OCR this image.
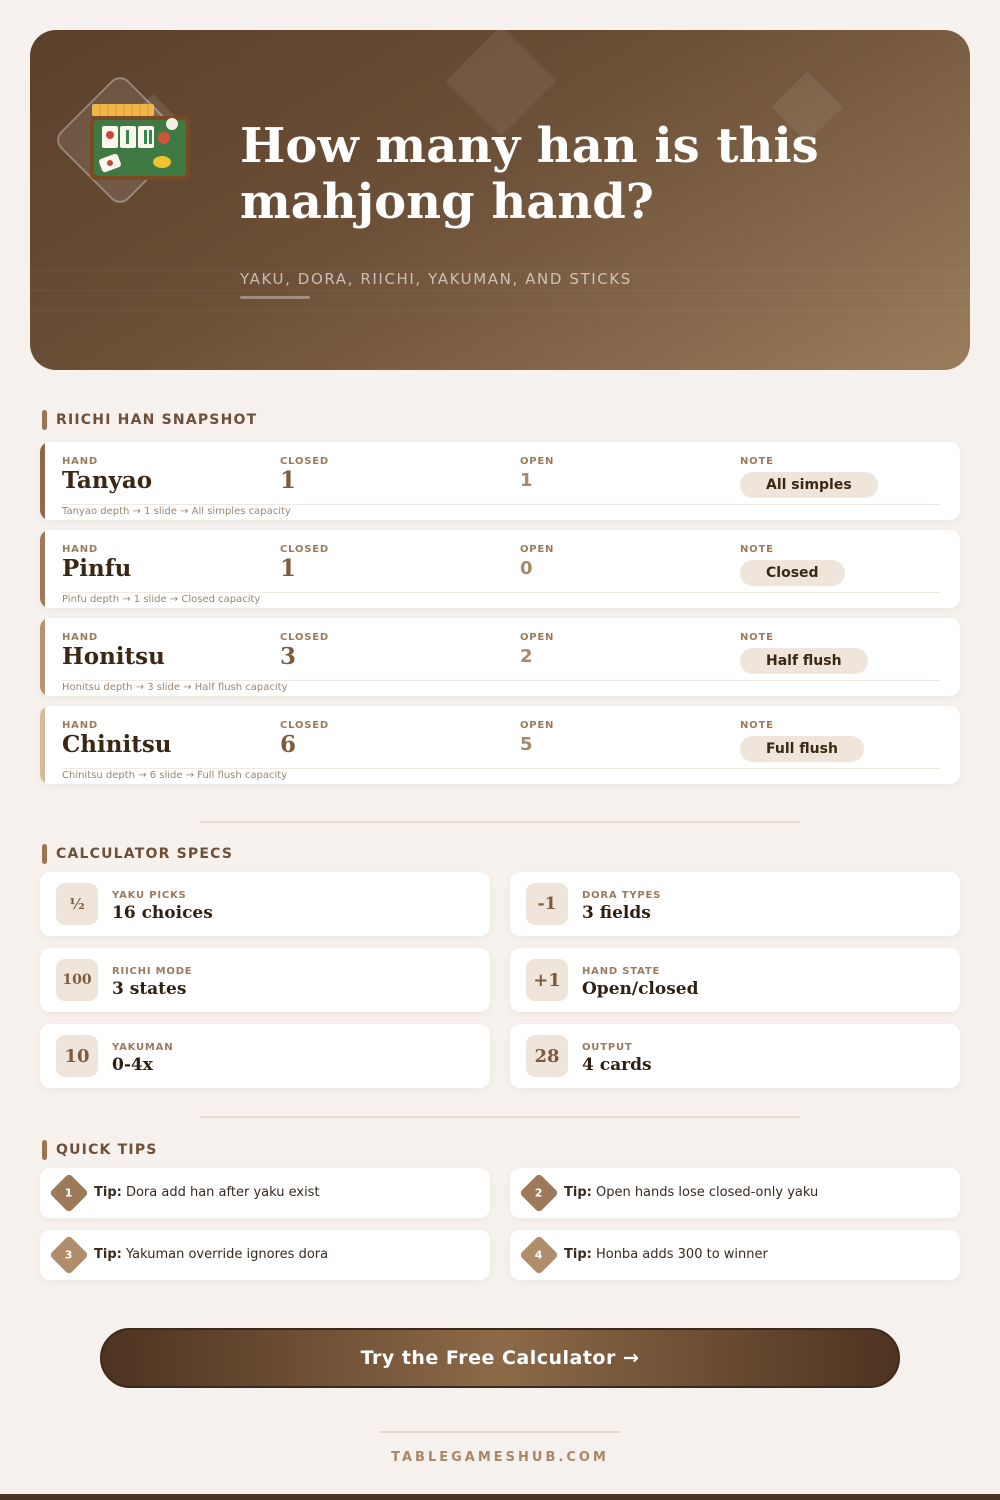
How many han is this mahjong hand?
YAKU, DORA, RIICHI, YAKUMAN, AND STICKS
RIICHI HAN SNAPSHOT
HAND
Tanyao
CLOSED
1
OPEN
1
NOTE
All simples
Tanyao depth → 1 slide → All simples capacity
HAND
Pinfu
CLOSED
1
OPEN
0
NOTE
Closed
Pinfu depth → 1 slide → Closed capacity
HAND
Honitsu
CLOSED
3
OPEN
2
NOTE
Half flush
Honitsu depth → 3 slide → Half flush capacity
HAND
Chinitsu
CLOSED
6
OPEN
5
NOTE
Full flush
Chinitsu depth → 6 slide → Full flush capacity
CALCULATOR SPECS
½	YAKU PICKS
16 choices	-1	DORA TYPES
3 fields
100
RIICHI MODE
3 states	+1	HAND STATE
Open/closed
10	YAKUMAN
0-4x	28	OUTPUT
4 cards
QUICK TIPS
1 Tip: Dora add han after yaku exist	2 Tip: Open hands lose closed-only yaku
3 Tip: Yakuman override ignores dora	4 Tip: Honba adds 300 to winner
Try the Free Calculator →
TABLEGAMESHUB.COM
